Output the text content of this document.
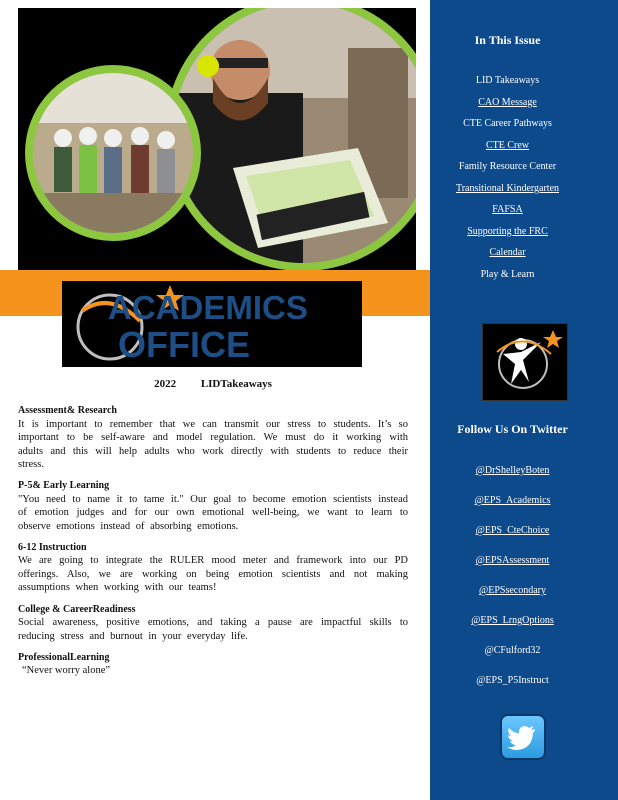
ACADEMICS
OFFICE
2022 LIDTakeaways
Assessment& Research
It is important to remember that we can transmit our stress to students. It’s so important to be self-aware and model regulation. We must do it working with adults and this will help adults who work directly with students to reduce their stress.
P-5& Early Learning
"You need to name it to tame it." Our goal to become emotion scientists instead of emotion judges and for our own emotional well-being, we want to learn to observe emotions instead of absorbing emotions.
6-12 Instruction
We are going to integrate the RULER mood meter and framework into our PD offerings. Also, we are working on being emotion scientists and not making assumptions when working with our teams!
College & CareerReadiness
Social awareness, positive emotions, and taking a pause are impactful skills to reducing stress and burnout in your everyday life.
ProfessionalLearning
“Never worry alone”
In This Issue
LID Takeaways
CAO Message
CTE Career Pathways
CTE Crew
Family Resource Center
Transitional Kindergarten
FAFSA
Supporting the FRC
Calendar
Play & Learn
Follow Us On Twitter
@DrShelleyBoten
@EPS_Academics
@EPS_CteChoice
@EPSAssessment
@EPSsecondary
@EPS_LrngOptions
@CFulford32
@EPS_P5Instruct
